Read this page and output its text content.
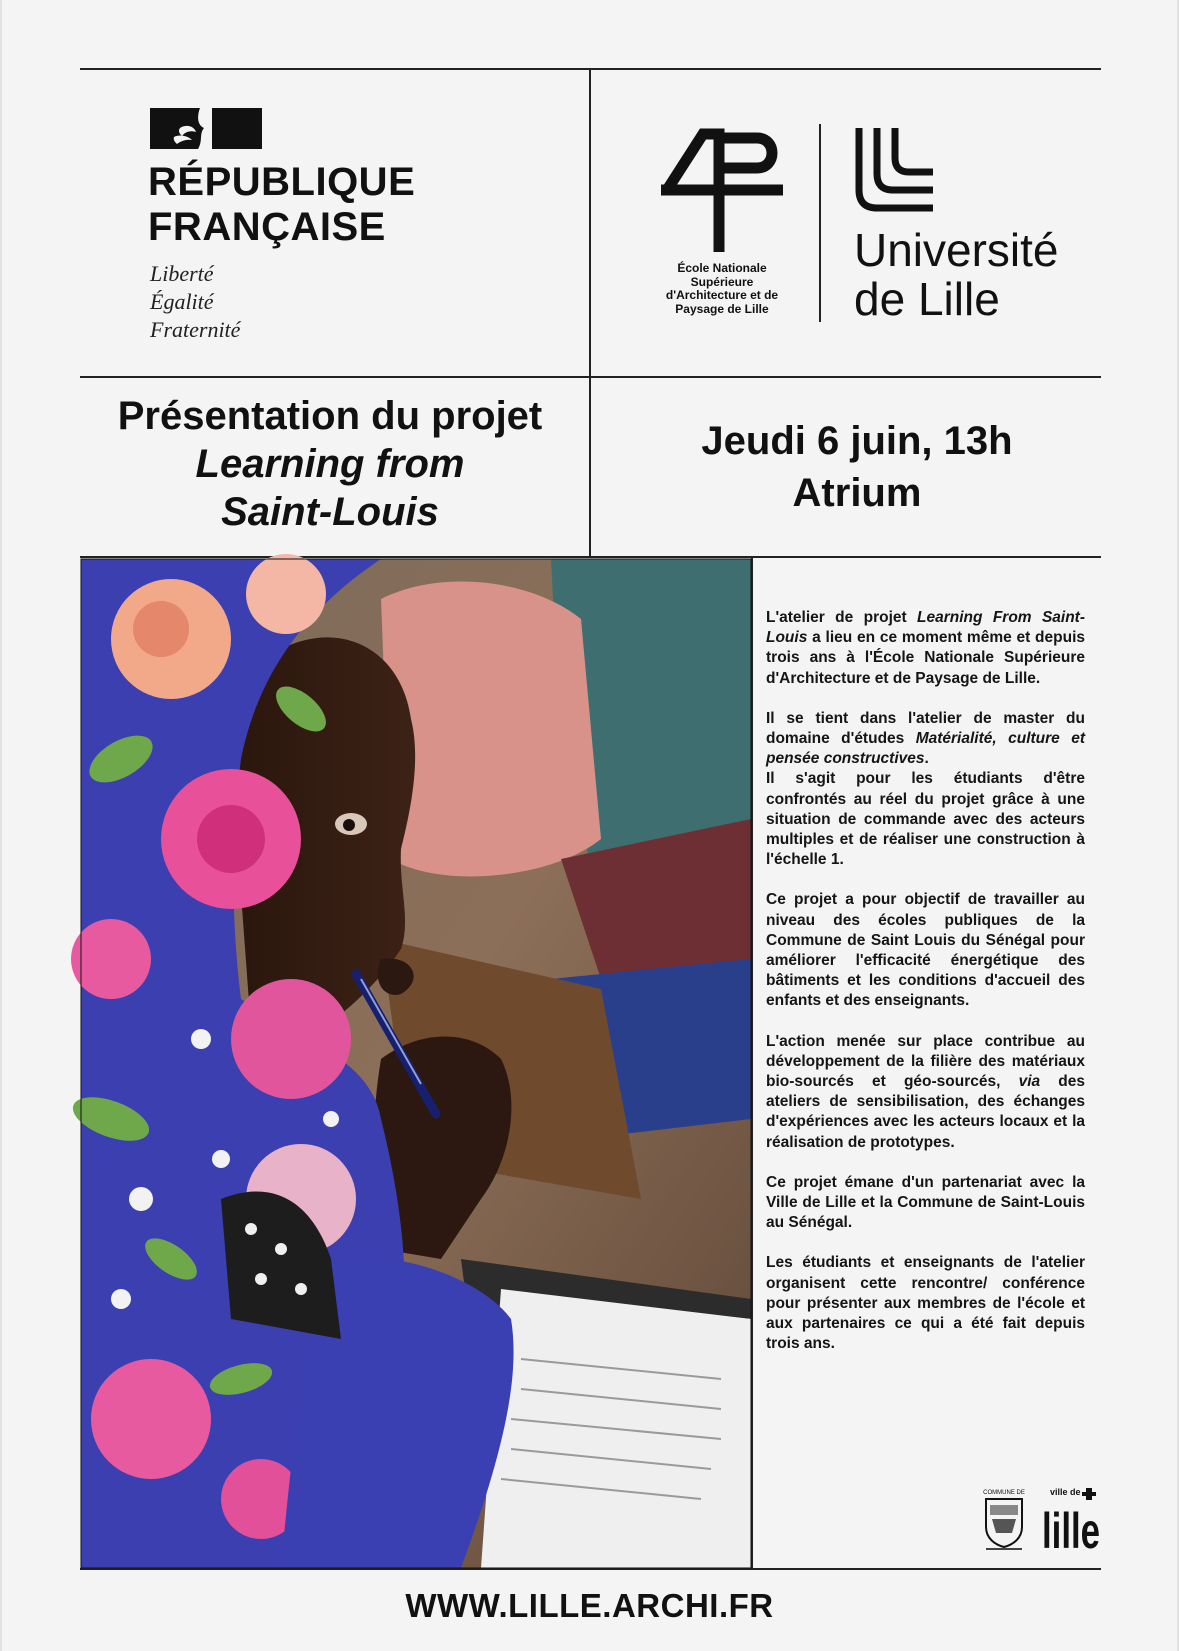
RÉPUBLIQUE
FRANÇAISE
Liberté
Égalité
Fraternité
École Nationale
Supérieure
d'Architecture et de
Paysage de Lille
Université
de Lille
Présentation du projet
Learning from
Saint-Louis
Jeudi 6 juin, 13h
Atrium

L'atelier de projet Learning From Saint-Louis a lieu en ce moment même et depuis trois ans à l'École Nationale Supérieure d'Architecture et de Paysage de Lille.

Il se tient dans l'atelier de master du domaine d'études Matérialité, culture et pensée constructives.
Il s'agit pour les étudiants d'être confrontés au réel du projet grâce à une situation de commande avec des acteurs multiples et de réaliser une construction à l'échelle 1.

Ce projet a pour objectif de travailler au niveau des écoles publiques de la Commune de Saint Louis du Sénégal pour améliorer l'efficacité énergétique des bâtiments et les conditions d'accueil des enfants et des enseignants.

L'action menée sur place contribue au développement de la filière des matériaux bio-sourcés et géo-sourcés, via des ateliers de sensibilisation, des échanges d'expériences avec les acteurs locaux et la réalisation de prototypes.

Ce projet émane d'un partenariat avec la Ville de Lille et la Commune de Saint-Louis au Sénégal.

Les étudiants et enseignants de l'atelier organisent cette rencontre/ conférence pour présenter aux membres de l'école et aux partenaires ce qui a été fait depuis trois ans.

COMMUNE DE	ville de
lille
WWW.LILLE.ARCHI.FR
